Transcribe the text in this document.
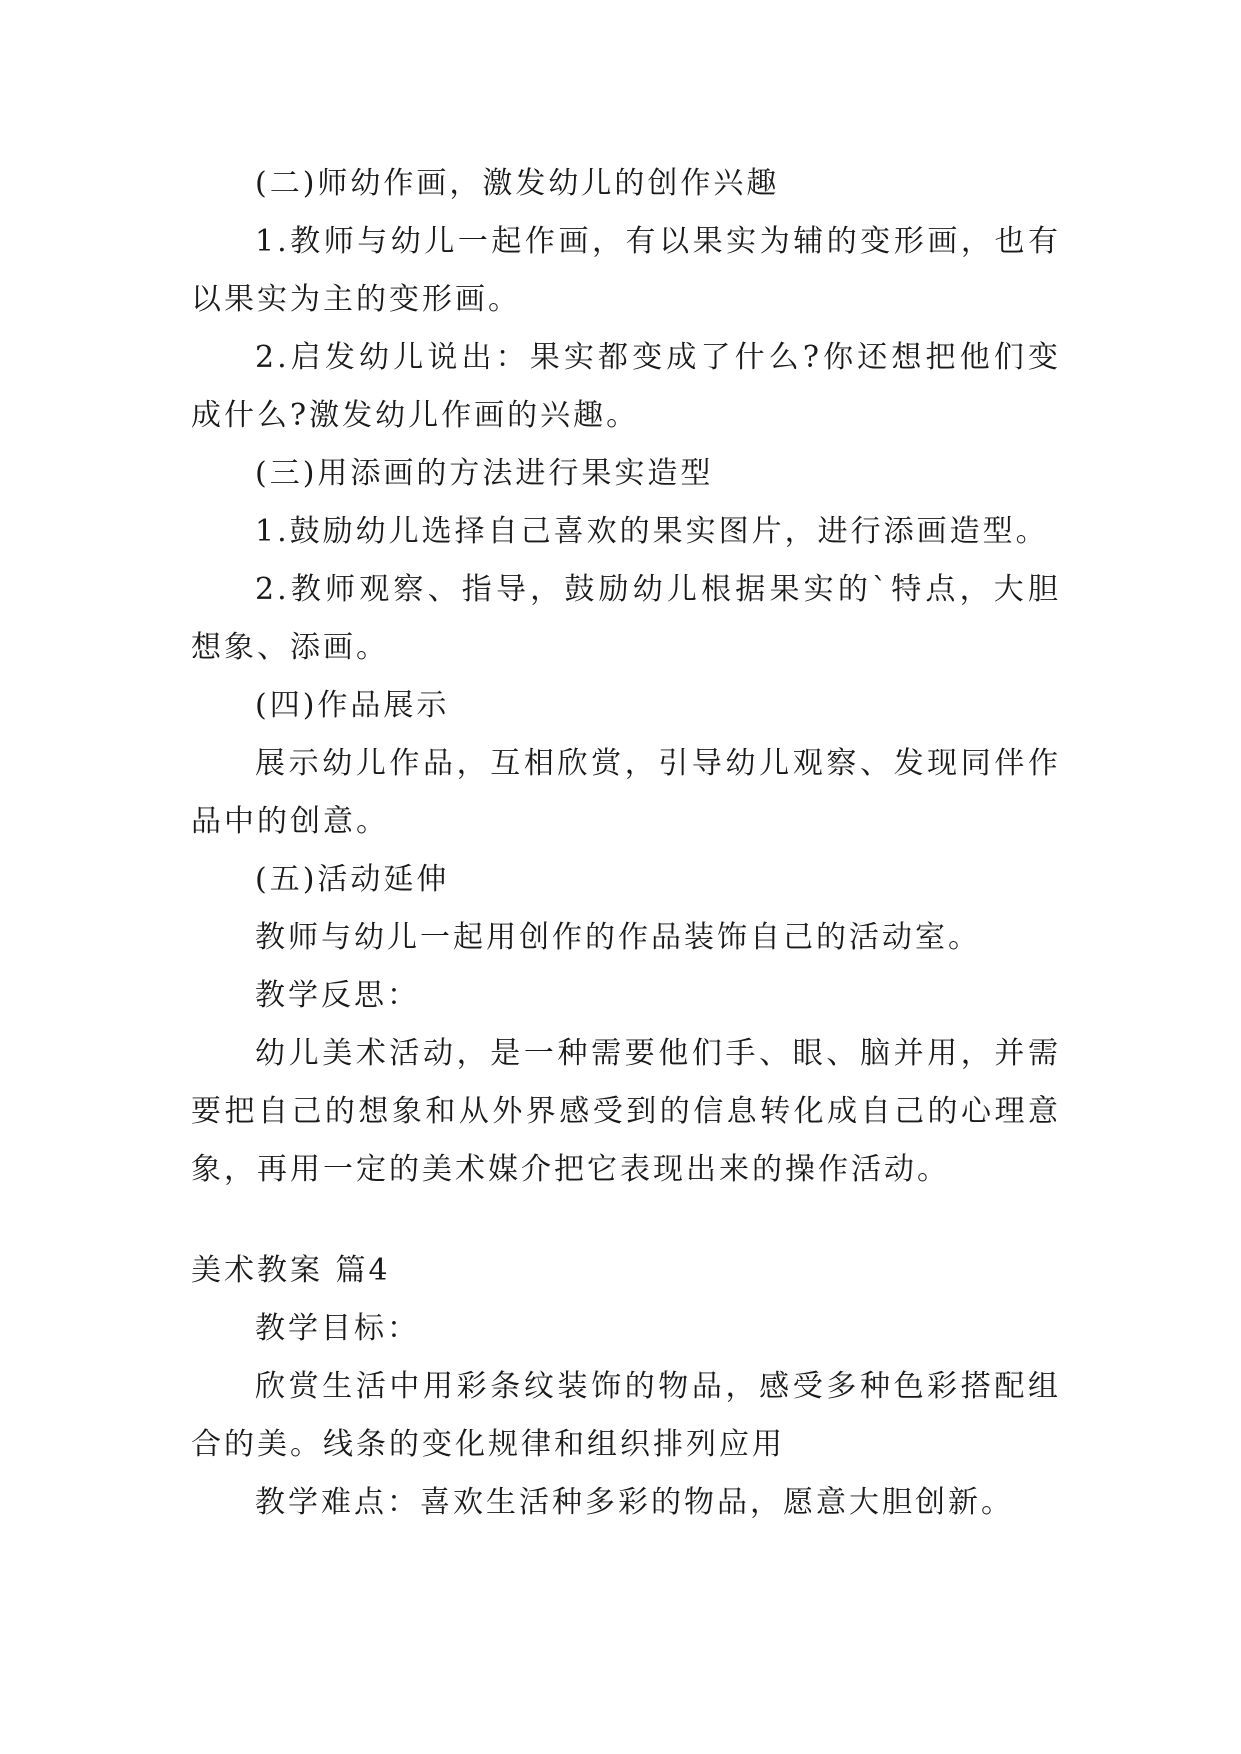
(二)师幼作画，激发幼儿的创作兴趣

1.教师与幼儿一起作画，有以果实为辅的变形画，也有以果实为主的变形画。

2.启发幼儿说出：果实都变成了什么?你还想把他们变成什么?激发幼儿作画的兴趣。

(三)用添画的方法进行果实造型

1.鼓励幼儿选择自己喜欢的果实图片，进行添画造型。

2.教师观察、指导，鼓励幼儿根据果实的`特点，大胆想象、添画。

(四)作品展示

展示幼儿作品，互相欣赏，引导幼儿观察、发现同伴作品中的创意。

(五)活动延伸

教师与幼儿一起用创作的作品装饰自己的活动室。

教学反思：

幼儿美术活动，是一种需要他们手、眼、脑并用，并需要把自己的想象和从外界感受到的信息转化成自己的心理意象，再用一定的美术媒介把它表现出来的操作活动。

美术教案 篇4

教学目标：

欣赏生活中用彩条纹装饰的物品，感受多种色彩搭配组合的美。线条的变化规律和组织排列应用

教学难点：喜欢生活种多彩的物品，愿意大胆创新。
